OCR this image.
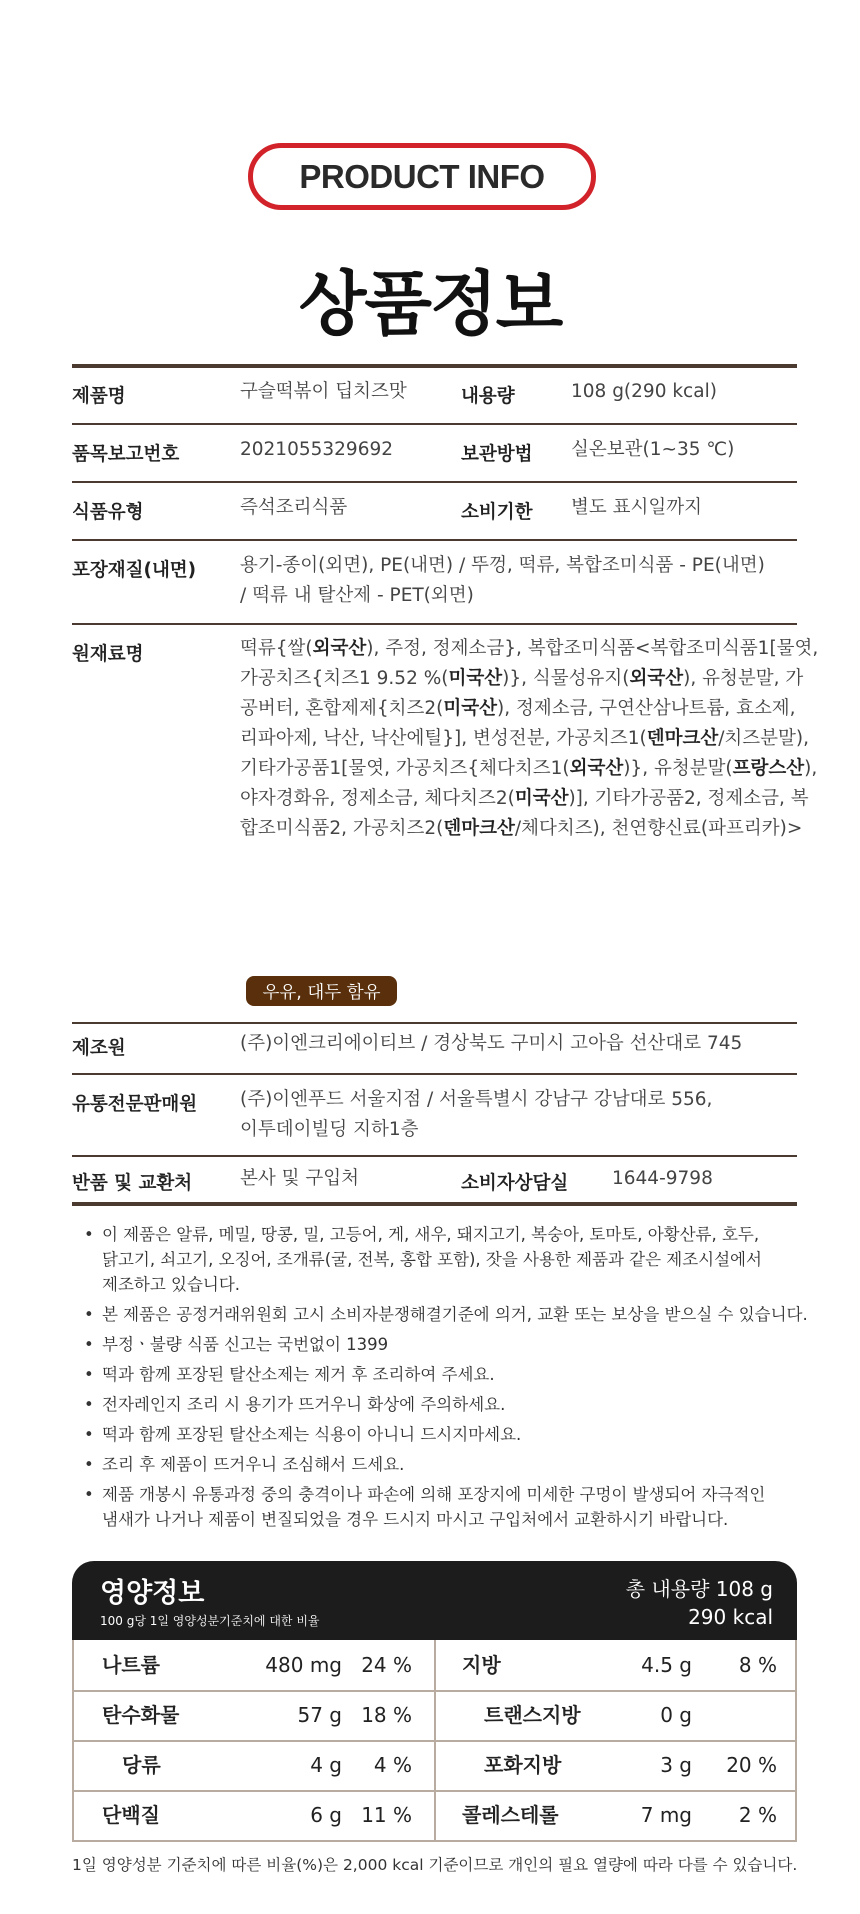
PRODUCT INFO
상품정보
제품명	구슬떡볶이 딥치즈맛	내용량	108 g(290 kcal)
품목보고번호	2021055329692	보관방법 실온보관(1~35 ℃)
식품유형	즉석조리식품	소비기한 별도 표시일까지
포장재질(내면) 용기-종이(외면), PE(내면) / 뚜껑, 떡류, 복합조미식품 - PE(내면)
/ 떡류 내 탈산제 - PET(외면)
원재료명	떡류{쌀(외국산), 주정, 정제소금}, 복합조미식품<복합조미식품1[물엿,
가공치즈{치즈1 9.52 %(미국산)}, 식물성유지(외국산), 유청분말, 가
공버터, 혼합제제{치즈2(미국산), 정제소금, 구연산삼나트륨, 효소제,
리파아제, 낙산, 낙산에틸}], 변성전분, 가공치즈1(덴마크산/치즈분말),
기타가공품1[물엿, 가공치즈{체다치즈1(외국산)}, 유청분말(프랑스산),
야자경화유, 정제소금, 체다치즈2(미국산)], 기타가공품2, 정제소금, 복
합조미식품2, 가공치즈2(덴마크산/체다치즈), 천연향신료(파프리카)>
우유, 대두 함유
제조원	(주)이엔크리에이티브 / 경상북도 구미시 고아읍 선산대로 745
유통전문판매원 (주)이엔푸드 서울지점 / 서울특별시 강남구 강남대로 556,
이투데이빌딩 지하1층
반품 및 교환처	본사 및 구입처	소비자상담실 1644-9798
• 이 제품은 알류, 메밀, 땅콩, 밀, 고등어, 게, 새우, 돼지고기, 복숭아, 토마토, 아황산류, 호두,
닭고기, 쇠고기, 오징어, 조개류(굴, 전복, 홍합 포함), 잣을 사용한 제품과 같은 제조시설에서
제조하고 있습니다.
• 본 제품은 공정거래위원회 고시 소비자분쟁해결기준에 의거, 교환 또는 보상을 받으실 수 있습니다.
• 부정ㆍ불량 식품 신고는 국번없이 1399
• 떡과 함께 포장된 탈산소제는 제거 후 조리하여 주세요.
• 전자레인지 조리 시 용기가 뜨거우니 화상에 주의하세요.
• 떡과 함께 포장된 탈산소제는 식용이 아니니 드시지마세요.
• 조리 후 제품이 뜨거우니 조심해서 드세요.
• 제품 개봉시 유통과정 중의 충격이나 파손에 의해 포장지에 미세한 구멍이 발생되어 자극적인
냄새가 나거나 제품이 변질되었을 경우 드시지 마시고 구입처에서 교환하시기 바랍니다.
영양정보
100 g당 1일 영양성분기준치에 대한 비율
총 내용량 108 g
290 kcal
나트륨	480 mg 24 %	지방	4.5 g	8 %
탄수화물	57 g 18 %	트랜스지방	0 g
당류	4 g	4 %	포화지방	3 g	20 %
단백질	6 g 11 %	콜레스테롤	7 mg	2 %
1일 영양성분 기준치에 따른 비율(%)은 2,000 kcal 기준이므로 개인의 필요 열량에 따라 다를 수 있습니다.
